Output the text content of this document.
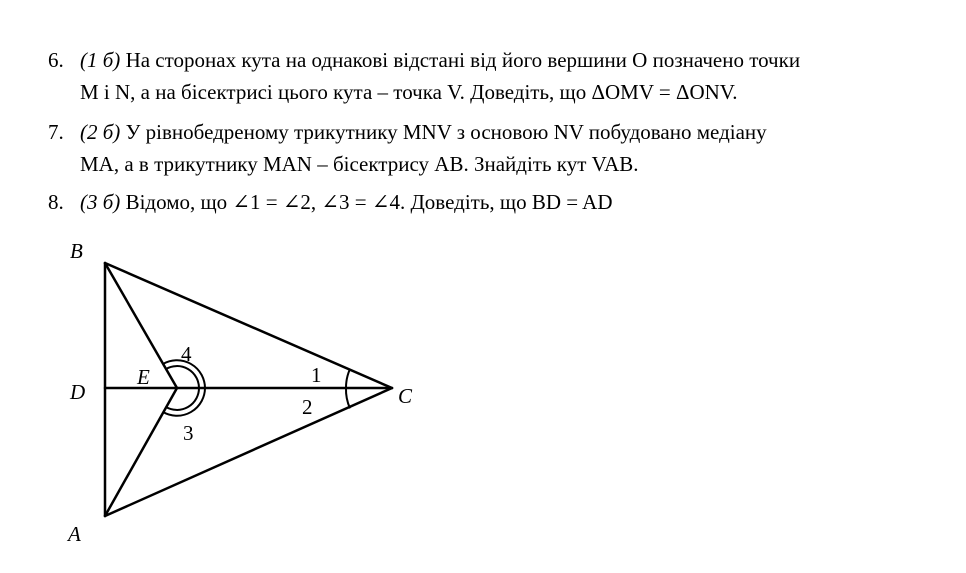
6. (1 б) На сторонах кута на однакові відстані від його вершини O позначено точки
M і N, а на бісектрисі цього кута – точка V. Доведіть, що ΔOMV = ΔONV.
7. (2 б) У рівнобедреному трикутнику MNV з основою NV побудовано медіану
MA, а в трикутнику MAN – бісектрису AB. Знайдіть кут VAB.
8. (3 б) Відомо, що ∠1 = ∠2, ∠3 = ∠4. Доведіть, що BD = AD
B
D
A
E
C
4
1
2
3
